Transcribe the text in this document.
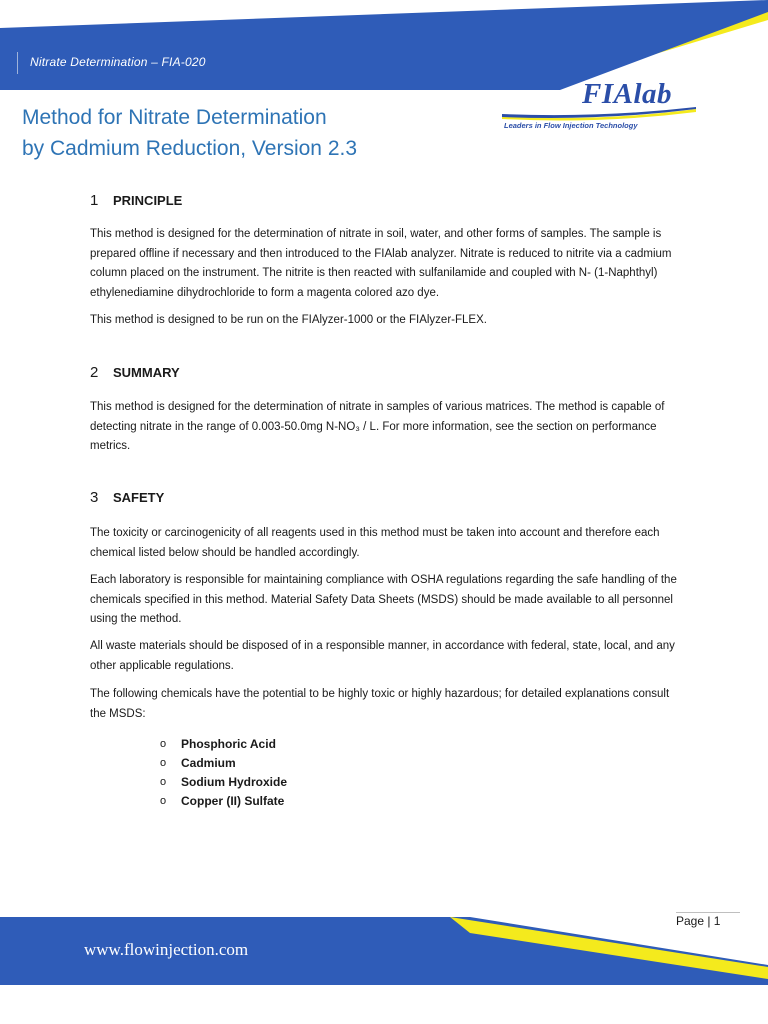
Nitrate Determination – FIA-020
Method for Nitrate Determination
by Cadmium Reduction, Version 2.3
FIAlab
Leaders in Flow Injection Technology
1	PRINCIPLE
This method is designed for the determination of nitrate in soil, water, and other forms of samples. The sample is prepared offline if necessary and then introduced to the FIAlab analyzer. Nitrate is reduced to nitrite via a cadmium column placed on the instrument. The nitrite is then reacted with sulfanilamide and coupled with N- (1-Naphthyl) ethylenediamine dihydrochloride to form a magenta colored azo dye.
This method is designed to be run on the FIAlyzer-1000 or the FIAlyzer-FLEX.
2	SUMMARY
This method is designed for the determination of nitrate in samples of various matrices. The method is capable of detecting nitrate in the range of 0.003-50.0mg N-NO₃ / L. For more information, see the section on performance metrics.
3	SAFETY
The toxicity or carcinogenicity of all reagents used in this method must be taken into account and therefore each chemical listed below should be handled accordingly.
Each laboratory is responsible for maintaining compliance with OSHA regulations regarding the safe handling of the chemicals specified in this method. Material Safety Data Sheets (MSDS) should be made available to all personnel using the method.
All waste materials should be disposed of in a responsible manner, in accordance with federal, state, local, and any other applicable regulations.
The following chemicals have the potential to be highly toxic or highly hazardous; for detailed explanations consult the MSDS:
o	Phosphoric Acid
o	Cadmium
o	Sodium Hydroxide
o	Copper (II) Sulfate
Page | 1
www.flowinjection.com
